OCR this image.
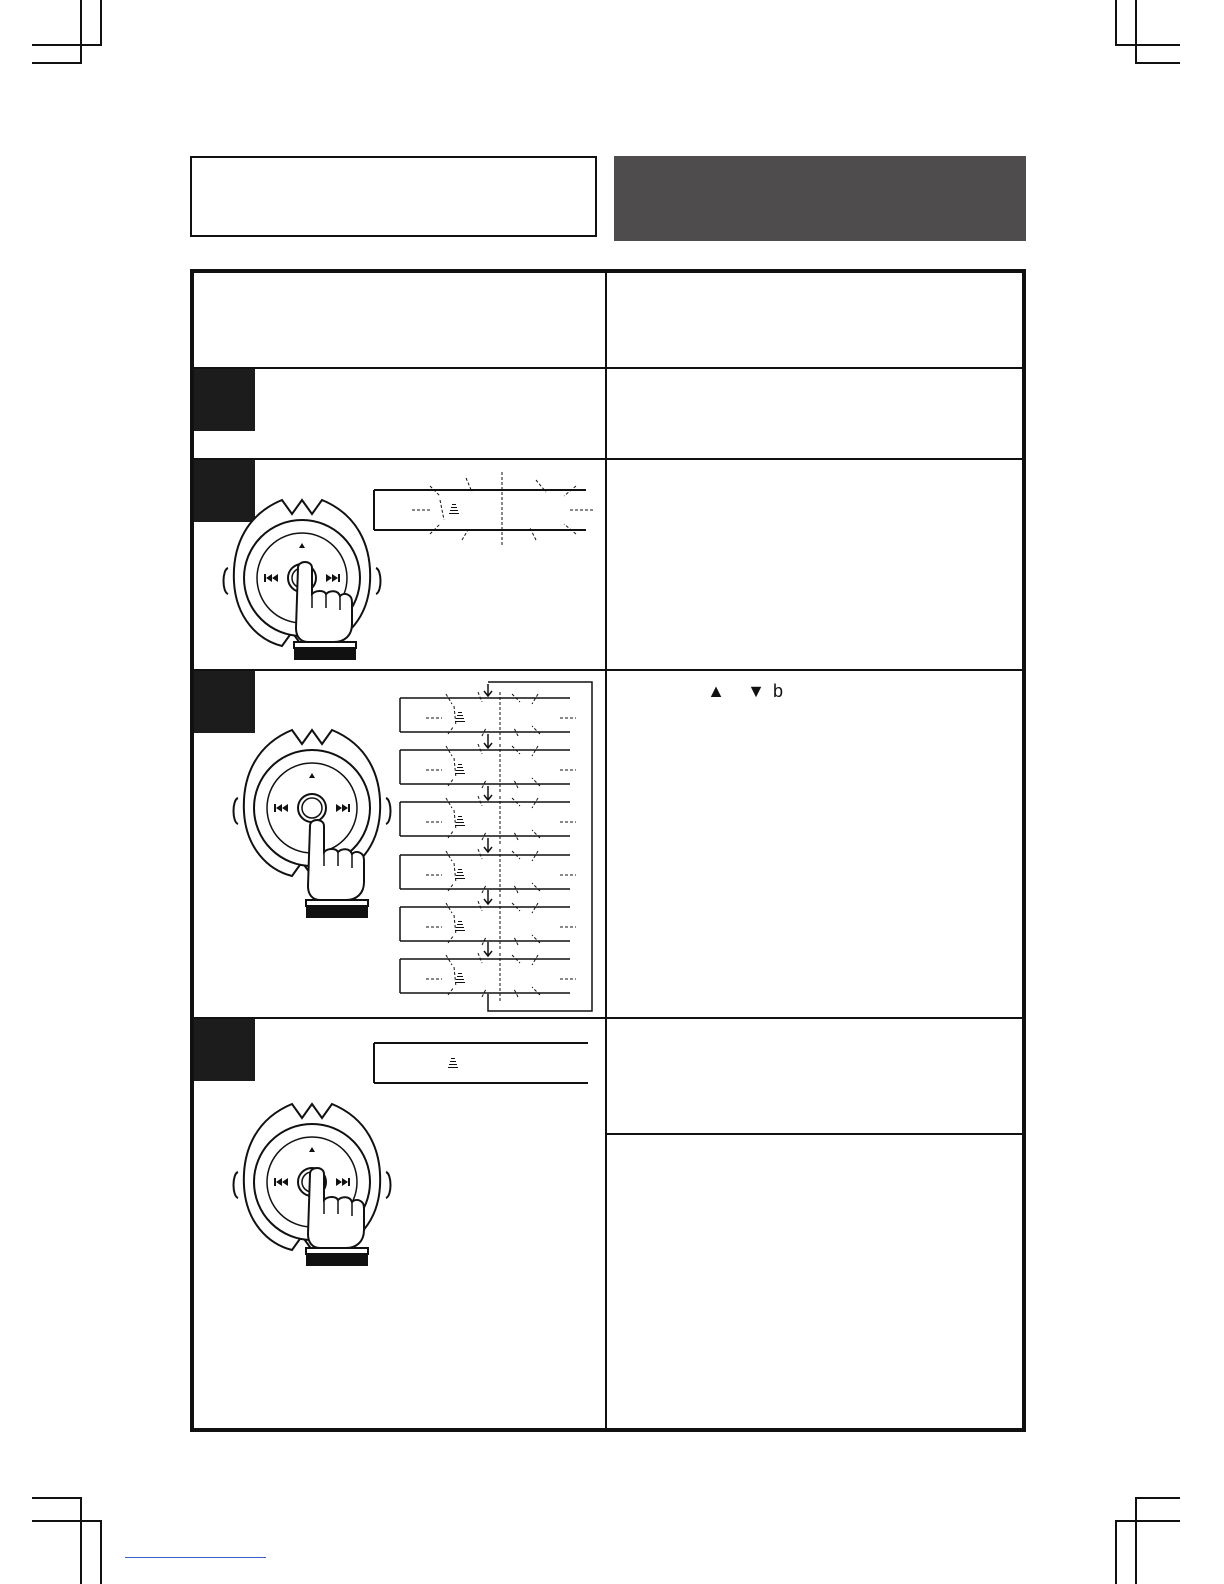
▲ ▼ b
